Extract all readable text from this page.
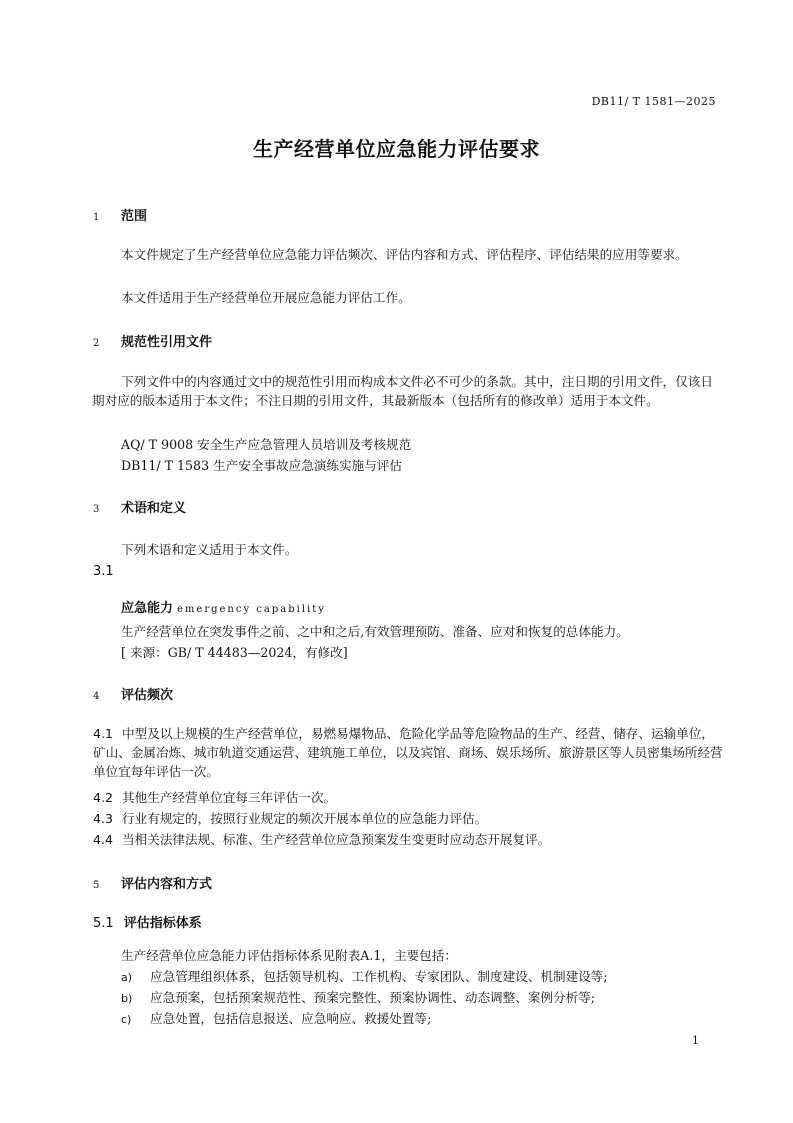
DB11/ T 1581—2025
生产经营单位应急能力评估要求
1 范围
本文件规定了生产经营单位应急能力评估频次、评估内容和方式、评估程序、评估结果的应用等要求。
本文件适用于生产经营单位开展应急能力评估工作。
2 规范性引用文件
下列文件中的内容通过文中的规范性引用而构成本文件必不可少的条款。其中，注日期的引用文件，仅该日期对应的版本适用于本文件；不注日期的引用文件，其最新版本（包括所有的修改单）适用于本文件。
AQ/ T 9008 安全生产应急管理人员培训及考核规范
DB11/ T 1583 生产安全事故应急演练实施与评估
3 术语和定义
下列术语和定义适用于本文件。
3.1
应急能力 emergency capability
生产经营单位在突发事件之前、之中和之后,有效管理预防、准备、应对和恢复的总体能力。
[ 来源：GB/ T 44483—2024，有修改]
4 评估频次
4.1 中型及以上规模的生产经营单位，易燃易爆物品、危险化学品等危险物品的生产、经营、储存、运输单位，矿山、金属冶炼、城市轨道交通运营、建筑施工单位，以及宾馆、商场、娱乐场所、旅游景区等人员密集场所经营单位宜每年评估一次。
4.2 其他生产经营单位宜每三年评估一次。
4.3 行业有规定的，按照行业规定的频次开展本单位的应急能力评估。
4.4 当相关法律法规、标准、生产经营单位应急预案发生变更时应动态开展复评。
5 评估内容和方式
5.1 评估指标体系
生产经营单位应急能力评估指标体系见附表A.1，主要包括：
a) 应急管理组织体系，包括领导机构、工作机构、专家团队、制度建设、机制建设等;
b) 应急预案，包括预案规范性、预案完整性、预案协调性、动态调整、案例分析等;
c) 应急处置，包括信息报送、应急响应、救援处置等;
1
